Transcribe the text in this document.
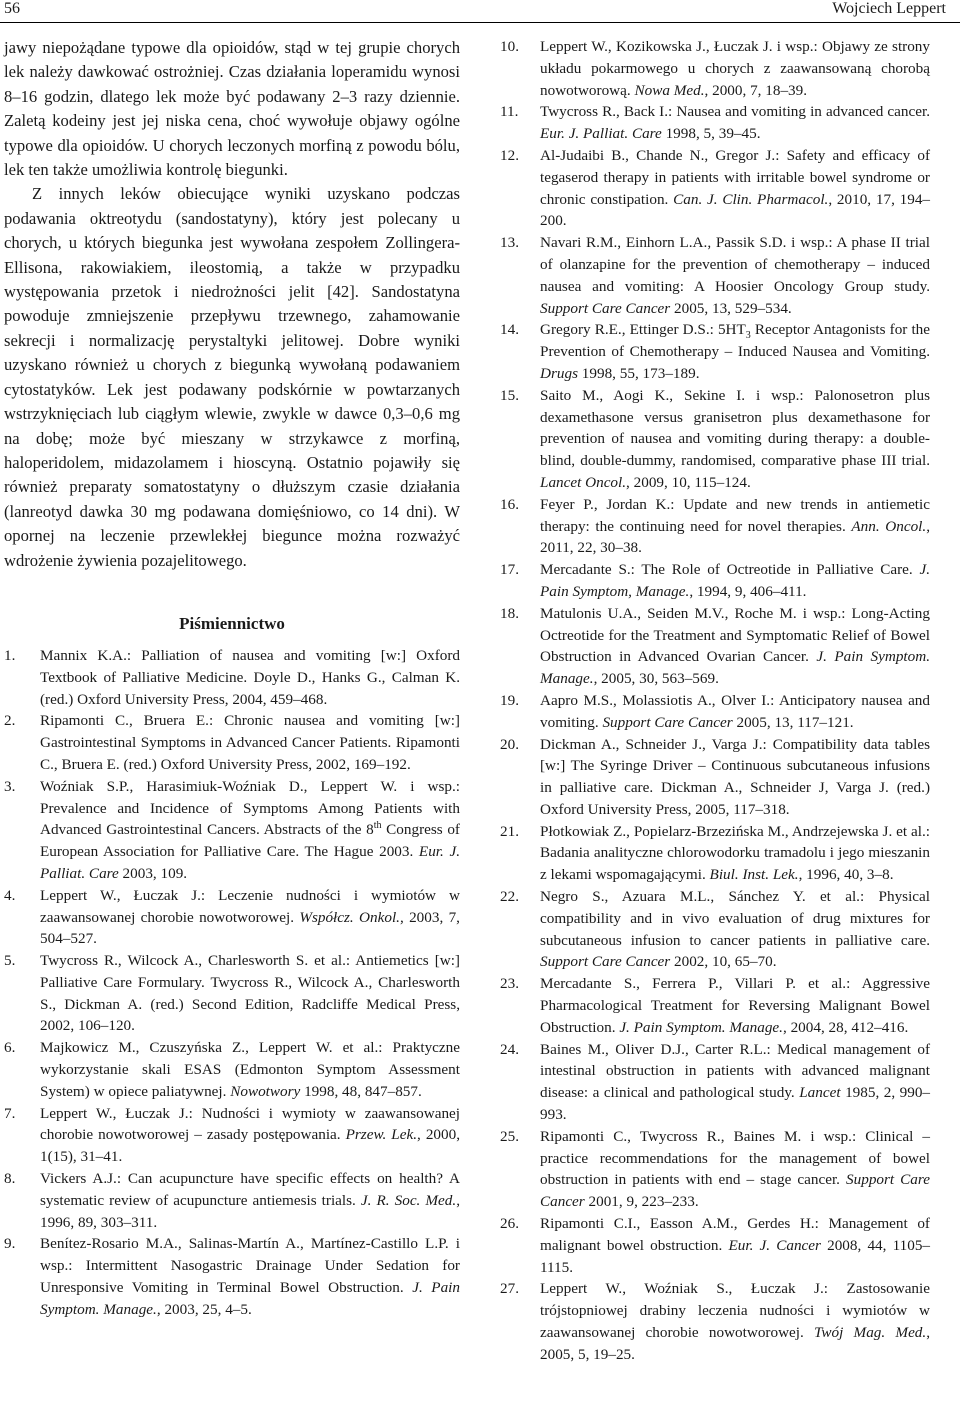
56	Wojciech Leppert

jawy niepożądane typowe dla opioidów, stąd w tej grupie chorych lek należy dawkować ostrożniej. Czas działania loperamidu wynosi 8–16 godzin, dlatego lek może być podawany 2–3 razy dziennie. Zaletą kodeiny jest jej niska cena, choć wywołuje objawy ogólne typowe dla opioidów. U chorych leczonych morfiną z powodu bólu, lek ten także umożliwia kontrolę biegunki.

Z innych leków obiecujące wyniki uzyskano podczas podawania oktreotydu (sandostatyny), który jest polecany u chorych, u których biegunka jest wywołana zespołem Zollingera-Ellisona, rakowiakiem, ileostomią, a także w przypadku występowania przetok i niedrożności jelit [42]. Sandostatyna powoduje zmniejszenie przepływu trzewnego, zahamowanie sekrecji i normalizację perystaltyki jelitowej. Dobre wyniki uzyskano również u chorych z biegunką wywołaną podawaniem cytostatyków. Lek jest podawany podskórnie w powtarzanych wstrzyknięciach lub ciągłym wlewie, zwykle w dawce 0,3–0,6 mg na dobę; może być mieszany w strzykawce z morfiną, haloperidolem, midazolamem i hioscyną. Ostatnio pojawiły się również preparaty somatostatyny o dłuższym czasie działania (lanreotyd dawka 30 mg podawana domięśniowo, co 14 dni). W opornej na leczenie przewlekłej biegunce można rozważyć wdrożenie żywienia pozajelitowego.

Piśmiennictwo
1. Mannix K.A.: Palliation of nausea and vomiting [w:] Oxford Textbook of Palliative Medicine. Doyle D., Hanks G., Calman K. (red.) Oxford University Press, 2004, 459–468.
2. Ripamonti C., Bruera E.: Chronic nausea and vomiting [w:] Gastrointestinal Symptoms in Advanced Cancer Patients. Ripamonti C., Bruera E. (red.) Oxford University Press, 2002, 169–192.
3. Woźniak S.P., Harasimiuk-Woźniak D., Leppert W. i wsp.: Prevalence and Incidence of Symptoms Among Patients with Advanced Gastrointestinal Cancers. Abstracts of the 8th Congress of European Association for Palliative Care. The Hague 2003. Eur. J. Palliat. Care 2003, 109.
4. Leppert W., Łuczak J.: Leczenie nudności i wymiotów w zaawansowanej chorobie nowotworowej. Współcz. Onkol., 2003, 7, 504–527.
5. Twycross R., Wilcock A., Charlesworth S. et al.: Antiemetics [w:] Palliative Care Formulary. Twycross R., Wilcock A., Charlesworth S., Dickman A. (red.) Second Edition, Radcliffe Medical Press, 2002, 106–120.
6. Majkowicz M., Czuszyńska Z., Leppert W. et al.: Praktyczne wykorzystanie skali ESAS (Edmonton Symptom Assessment System) w opiece paliatywnej. Nowotwory 1998, 48, 847–857.
7. Leppert W., Łuczak J.: Nudności i wymioty w zaawansowanej chorobie nowotworowej – zasady postępowania. Przew. Lek., 2000, 1(15), 31–41.
8. Vickers A.J.: Can acupuncture have specific effects on health? A systematic review of acupuncture antiemesis trials. J. R. Soc. Med., 1996, 89, 303–311.
9. Benítez-Rosario M.A., Salinas-Martín A., Martínez-Castillo L.P. i wsp.: Intermittent Nasogastric Drainage Under Sedation for Unresponsive Vomiting in Terminal Bowel Obstruction. J. Pain Symptom. Manage., 2003, 25, 4–5.
10. Leppert W., Kozikowska J., Łuczak J. i wsp.: Objawy ze strony układu pokarmowego u chorych z zaawansowaną chorobą nowotworową. Nowa Med., 2000, 7, 18–39.
11. Twycross R., Back I.: Nausea and vomiting in advanced cancer. Eur. J. Palliat. Care 1998, 5, 39–45.
12. Al-Judaibi B., Chande N., Gregor J.: Safety and efficacy of tegaserod therapy in patients with irritable bowel syndrome or chronic constipation. Can. J. Clin. Pharmacol., 2010, 17, 194–200.
13. Navari R.M., Einhorn L.A., Passik S.D. i wsp.: A phase II trial of olanzapine for the prevention of chemotherapy – induced nausea and vomiting: A Hoosier Oncology Group study. Support Care Cancer 2005, 13, 529–534.
14. Gregory R.E., Ettinger D.S.: $5HT_3$ Receptor Antagonists for the Prevention of Chemotherapy – Induced Nausea and Vomiting. Drugs 1998, 55, 173–189.
15. Saito M., Aogi K., Sekine I. i wsp.: Palonosetron plus dexamethasone versus granisetron plus dexamethasone for prevention of nausea and vomiting during therapy: a double-blind, double-dummy, randomised, comparative phase III trial. Lancet Oncol., 2009, 10, 115–124.
16. Feyer P., Jordan K.: Update and new trends in antiemetic therapy: the continuing need for novel therapies. Ann. Oncol., 2011, 22, 30–38.
17. Mercadante S.: The Role of Octreotide in Palliative Care. J. Pain Symptom, Manage., 1994, 9, 406–411.
18. Matulonis U.A., Seiden M.V., Roche M. i wsp.: Long-Acting Octreotide for the Treatment and Symptomatic Relief of Bowel Obstruction in Advanced Ovarian Cancer. J. Pain Symptom. Manage., 2005, 30, 563–569.
19. Aapro M.S., Molassiotis A., Olver I.: Anticipatory nausea and vomiting. Support Care Cancer 2005, 13, 117–121.
20. Dickman A., Schneider J., Varga J.: Compatibility data tables [w:] The Syringe Driver – Continuous subcutaneous infusions in palliative care. Dickman A., Schneider J, Varga J. (red.) Oxford University Press, 2005, 117–318.
21. Płotkowiak Z., Popielarz-Brzezińska M., Andrzejewska J. et al.: Badania analityczne chlorowodorku tramadolu i jego mieszanin z lekami wspomagającymi. Biul. Inst. Lek., 1996, 40, 3–8.
22. Negro S., Azuara M.L., Sánchez Y. et al.: Physical compatibility and in vivo evaluation of drug mixtures for subcutaneous infusion to cancer patients in palliative care. Support Care Cancer 2002, 10, 65–70.
23. Mercadante S., Ferrera P., Villari P. et al.: Aggressive Pharmacological Treatment for Reversing Malignant Bowel Obstruction. J. Pain Symptom. Manage., 2004, 28, 412–416.
24. Baines M., Oliver D.J., Carter R.L.: Medical management of intestinal obstruction in patients with advanced malignant disease: a clinical and pathological study. Lancet 1985, 2, 990–993.
25. Ripamonti C., Twycross R., Baines M. i wsp.: Clinical – practice recommendations for the management of bowel obstruction in patients with end – stage cancer. Support Care Cancer 2001, 9, 223–233.
26. Ripamonti C.I., Easson A.M., Gerdes H.: Management of malignant bowel obstruction. Eur. J. Cancer 2008, 44, 1105–1115.
27. Leppert W., Woźniak S., Łuczak J.: Zastosowanie trójstopniowej drabiny leczenia nudności i wymiotów w zaawansowanej chorobie nowotworowej. Twój Mag. Med., 2005, 5, 19–25.
